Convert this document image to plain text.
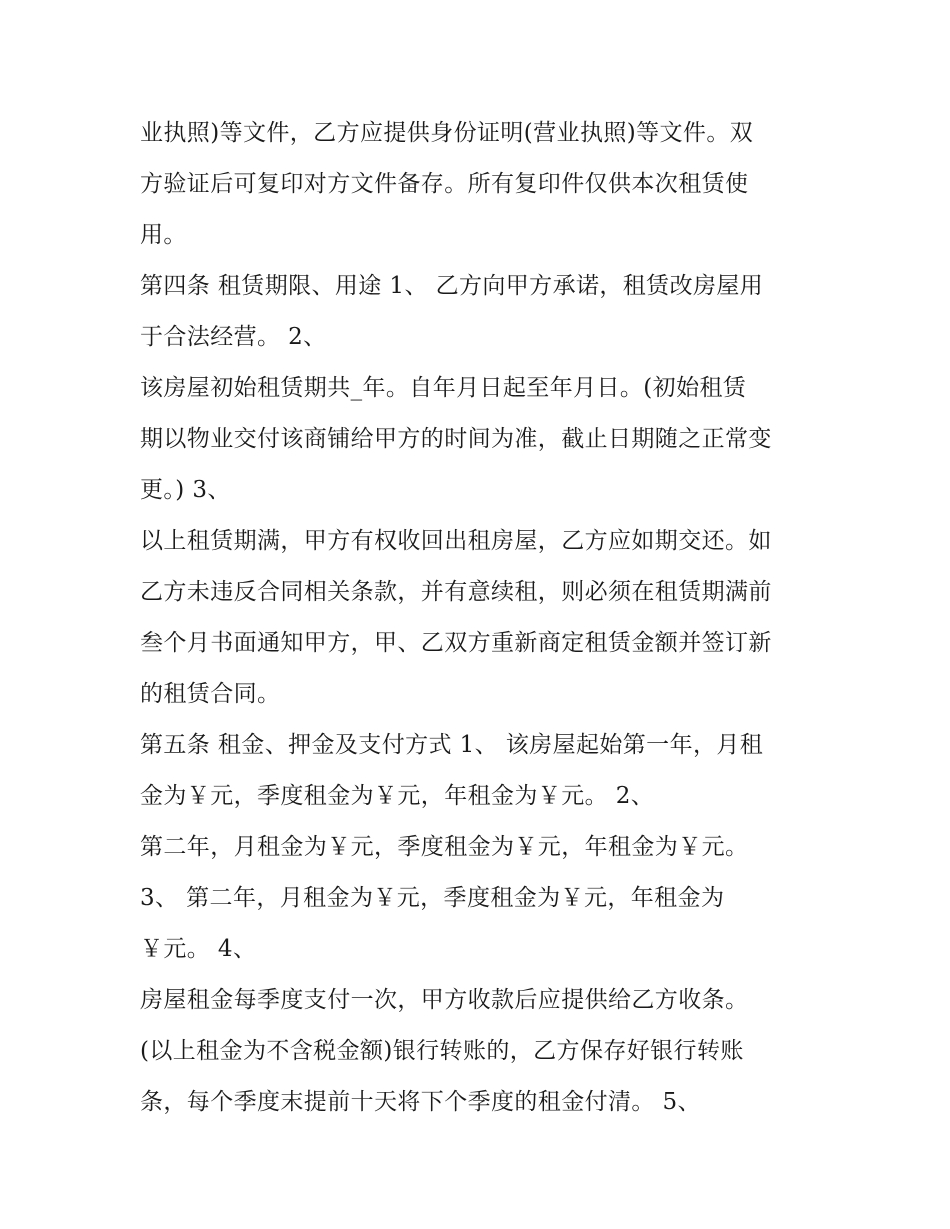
业执照)等文件，乙方应提供身份证明(营业执照)等文件。双
方验证后可复印对方文件备存。所有复印件仅供本次租赁使
用。
第四条 租赁期限、用途 1、 乙方向甲方承诺，租赁改房屋用
于合法经营。 2、
该房屋初始租赁期共_年。自年月日起至年月日。(初始租赁
期以物业交付该商铺给甲方的时间为准，截止日期随之正常变
更。) 3、
以上租赁期满，甲方有权收回出租房屋，乙方应如期交还。如
乙方未违反合同相关条款，并有意续租，则必须在租赁期满前
叁个月书面通知甲方，甲、乙双方重新商定租赁金额并签订新
的租赁合同。
第五条 租金、押金及支付方式 1、 该房屋起始第一年，月租
金为￥元，季度租金为￥元，年租金为￥元。 2、
第二年，月租金为￥元，季度租金为￥元，年租金为￥元。
3、 第二年，月租金为￥元，季度租金为￥元，年租金为
￥元。 4、
房屋租金每季度支付一次，甲方收款后应提供给乙方收条。
(以上租金为不含税金额)银行转账的，乙方保存好银行转账
条，每个季度末提前十天将下个季度的租金付清。 5、
